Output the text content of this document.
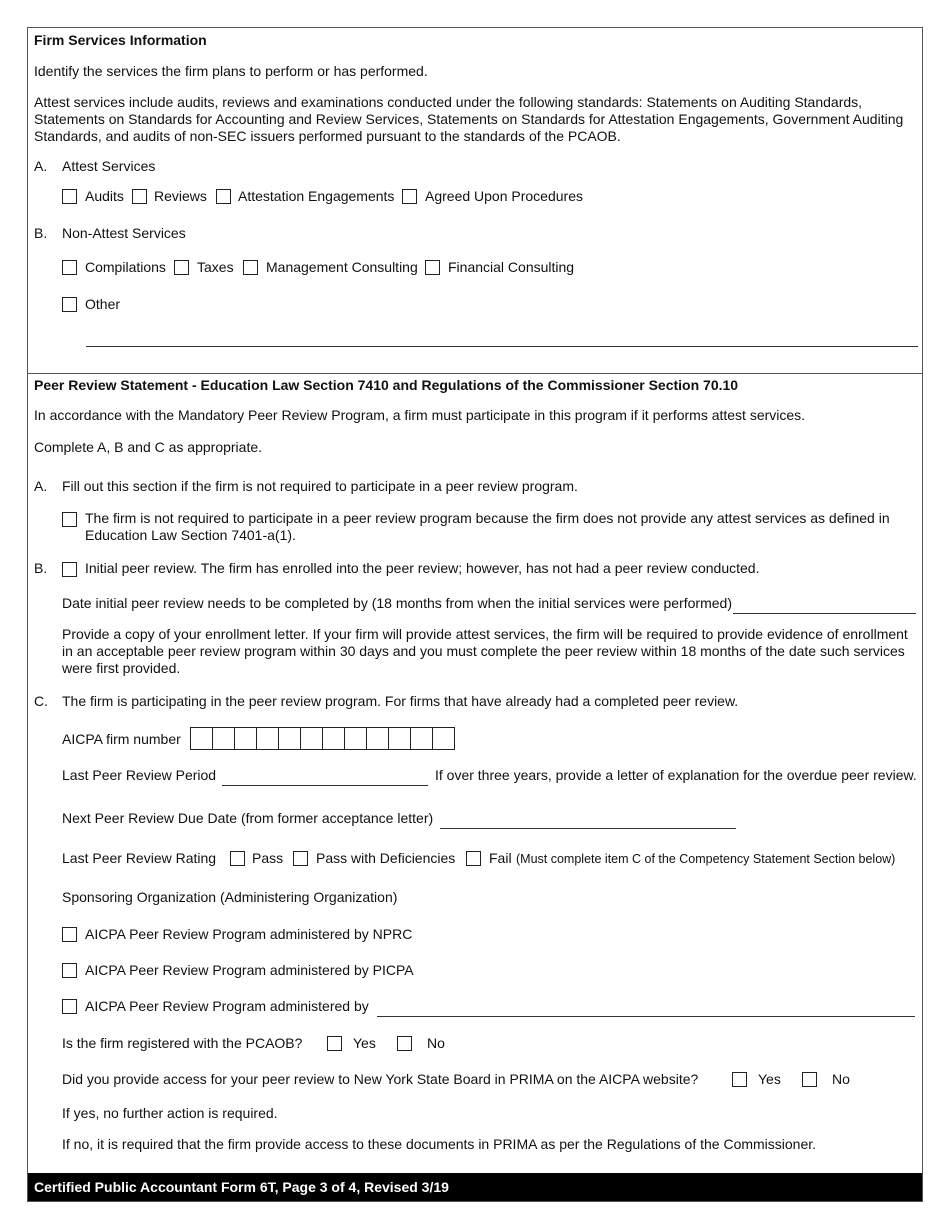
Firm Services Information
Identify the services the firm plans to perform or has performed.
Attest services include audits, reviews and examinations conducted under the following standards: Statements on Auditing Standards, Statements on Standards for Accounting and Review Services, Statements on Standards for Attestation Engagements, Government Auditing Standards, and audits of non-SEC issuers performed pursuant to the standards of the PCAOB.
A. Attest Services
Audits Reviews Attestation Engagements Agreed Upon Procedures
B. Non-Attest Services
Compilations Taxes Management Consulting Financial Consulting
Other
Peer Review Statement - Education Law Section 7410 and Regulations of the Commissioner Section 70.10
In accordance with the Mandatory Peer Review Program, a firm must participate in this program if it performs attest services.
Complete A, B and C as appropriate.
A. Fill out this section if the firm is not required to participate in a peer review program.
The firm is not required to participate in a peer review program because the firm does not provide any attest services as defined in Education Law Section 7401-a(1).
B.	Initial peer review. The firm has enrolled into the peer review; however, has not had a peer review conducted.
Date initial peer review needs to be completed by (18 months from when the initial services were performed)
Provide a copy of your enrollment letter. If your firm will provide attest services, the firm will be required to provide evidence of enrollment in an acceptable peer review program within 30 days and you must complete the peer review within 18 months of the date such services were first provided.
C. The firm is participating in the peer review program. For firms that have already had a completed peer review.
AICPA firm number
Last Peer Review Period	If over three years, provide a letter of explanation for the overdue peer review.
Next Peer Review Due Date (from former acceptance letter)
Last Peer Review Rating	Pass Pass with Deficiencies Fail (Must complete item C of the Competency Statement Section below)
Sponsoring Organization (Administering Organization)
AICPA Peer Review Program administered by NPRC
AICPA Peer Review Program administered by PICPA
AICPA Peer Review Program administered by
Is the firm registered with the PCAOB?	Yes	No
Did you provide access for your peer review to New York State Board in PRIMA on the AICPA website?	Yes	No
If yes, no further action is required.
If no, it is required that the firm provide access to these documents in PRIMA as per the Regulations of the Commissioner.
Certified Public Accountant Form 6T, Page 3 of 4, Revised 3/19
